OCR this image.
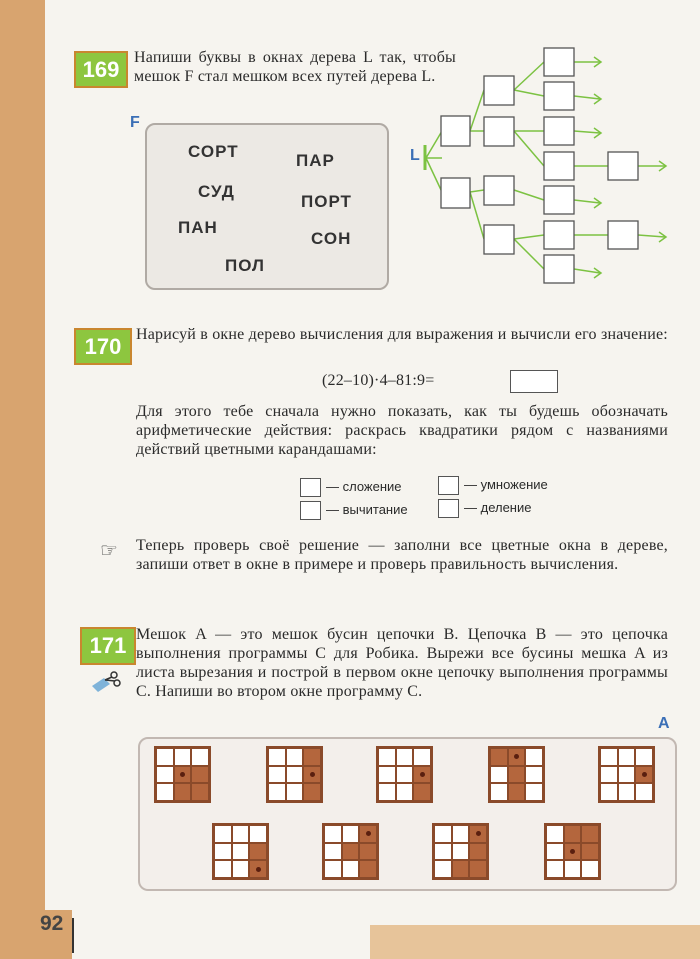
169 Напиши буквы в окнах дерева L так, чтобы мешок F стал мешком всех путей дерева L.
F
СОРТ	ПАР
СУД
ПОРТ
ПАН
СОН
ПОЛ
L
170 Нарисуй в окне дерево вычисления для выражения и вычисли его значение:
(22–10)·4–81:9=
Для этого тебе сначала нужно показать, как ты будешь обозначать арифметические действия: раскрась квадратики рядом с названиями действий цветными карандашами:
— сложение	— умножение
— вычитание	— деление
☞ Теперь проверь своё решение — заполни все цветные окна в дереве, запиши ответ в окне в примере и проверь правильность вычисления.
171 Мешок A — это мешок бусин цепочки B. Цепочка B — это цепочка выполнения программы C для Робика. Вырежи все бусины мешка A из листа вырезания и построй в первом окне цепочку выполнения программы C. Напиши во втором окне программу C.
A
92
